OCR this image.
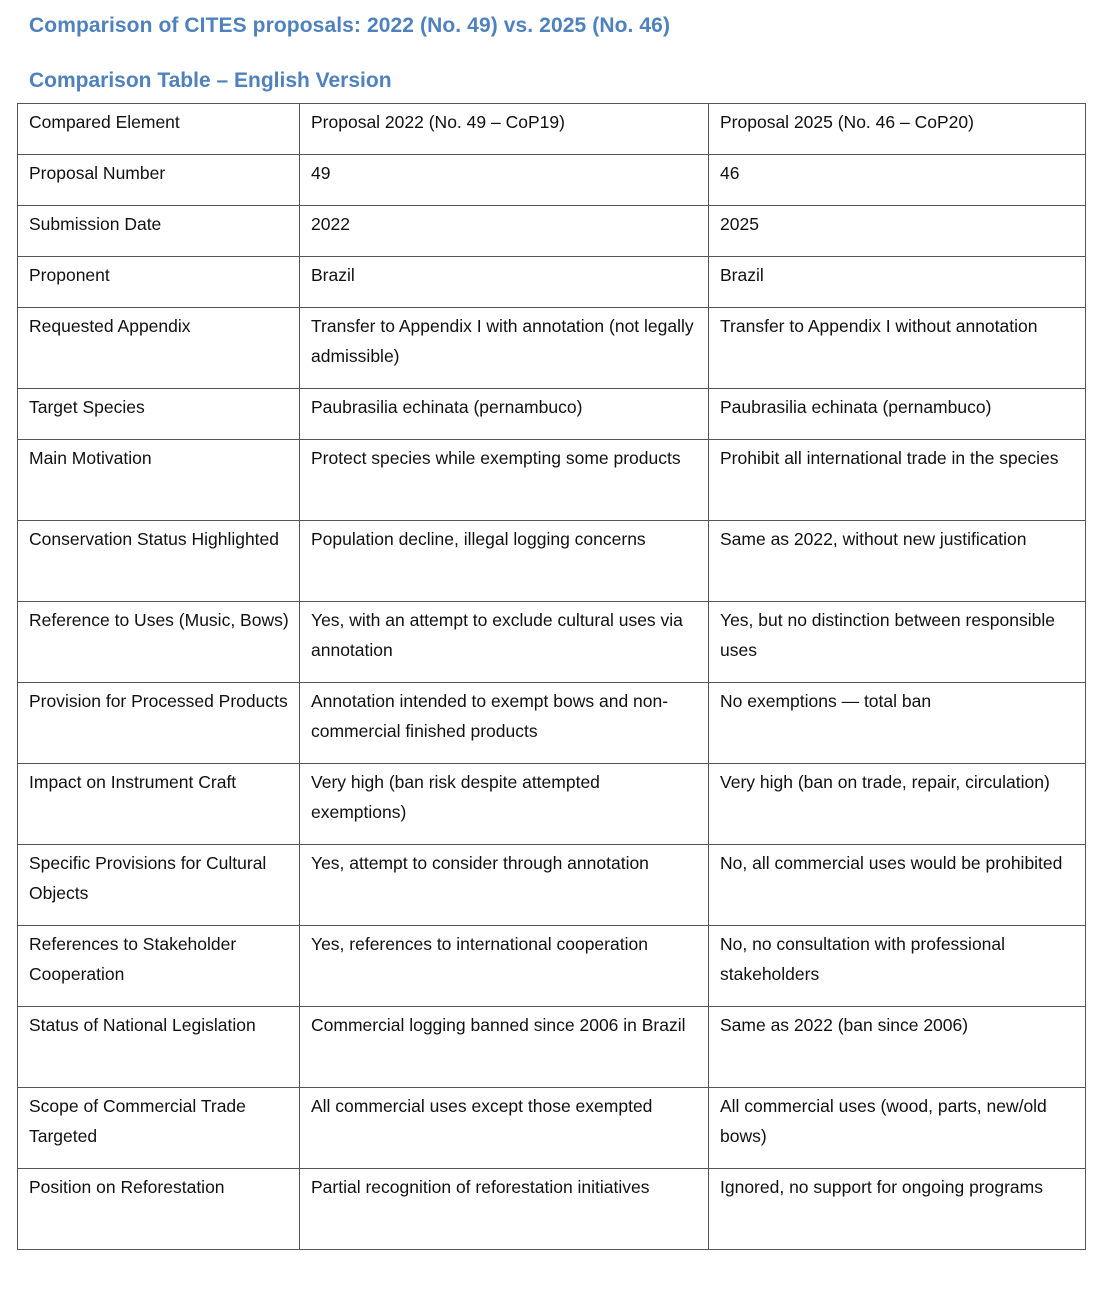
Comparison of CITES proposals: 2022 (No. 49) vs. 2025 (No. 46)
Comparison Table – English Version
Compared Element	Proposal 2022 (No. 49 – CoP19)	Proposal 2025 (No. 46 – CoP20)
Proposal Number	49	46
Submission Date	2022	2025
Proponent	Brazil	Brazil
Requested Appendix	Transfer to Appendix I with annotation (not legally admissible)	Transfer to Appendix I without annotation
Target Species	Paubrasilia echinata (pernambuco)	Paubrasilia echinata (pernambuco)
Main Motivation	Protect species while exempting some products	Prohibit all international trade in the species
Conservation Status Highlighted	Population decline, illegal logging concerns	Same as 2022, without new justification
Reference to Uses (Music, Bows)	Yes, with an attempt to exclude cultural uses via annotation	Yes, but no distinction between responsible uses
Provision for Processed Products	Annotation intended to exempt bows and non-commercial finished products	No exemptions — total ban
Impact on Instrument Craft	Very high (ban risk despite attempted exemptions)	Very high (ban on trade, repair, circulation)
Specific Provisions for Cultural Objects	Yes, attempt to consider through annotation	No, all commercial uses would be prohibited
References to Stakeholder Cooperation	Yes, references to international cooperation	No, no consultation with professional stakeholders
Status of National Legislation	Commercial logging banned since 2006 in Brazil	Same as 2022 (ban since 2006)
Scope of Commercial Trade Targeted	All commercial uses except those exempted	All commercial uses (wood, parts, new/old bows)
Position on Reforestation	Partial recognition of reforestation initiatives	Ignored, no support for ongoing programs
